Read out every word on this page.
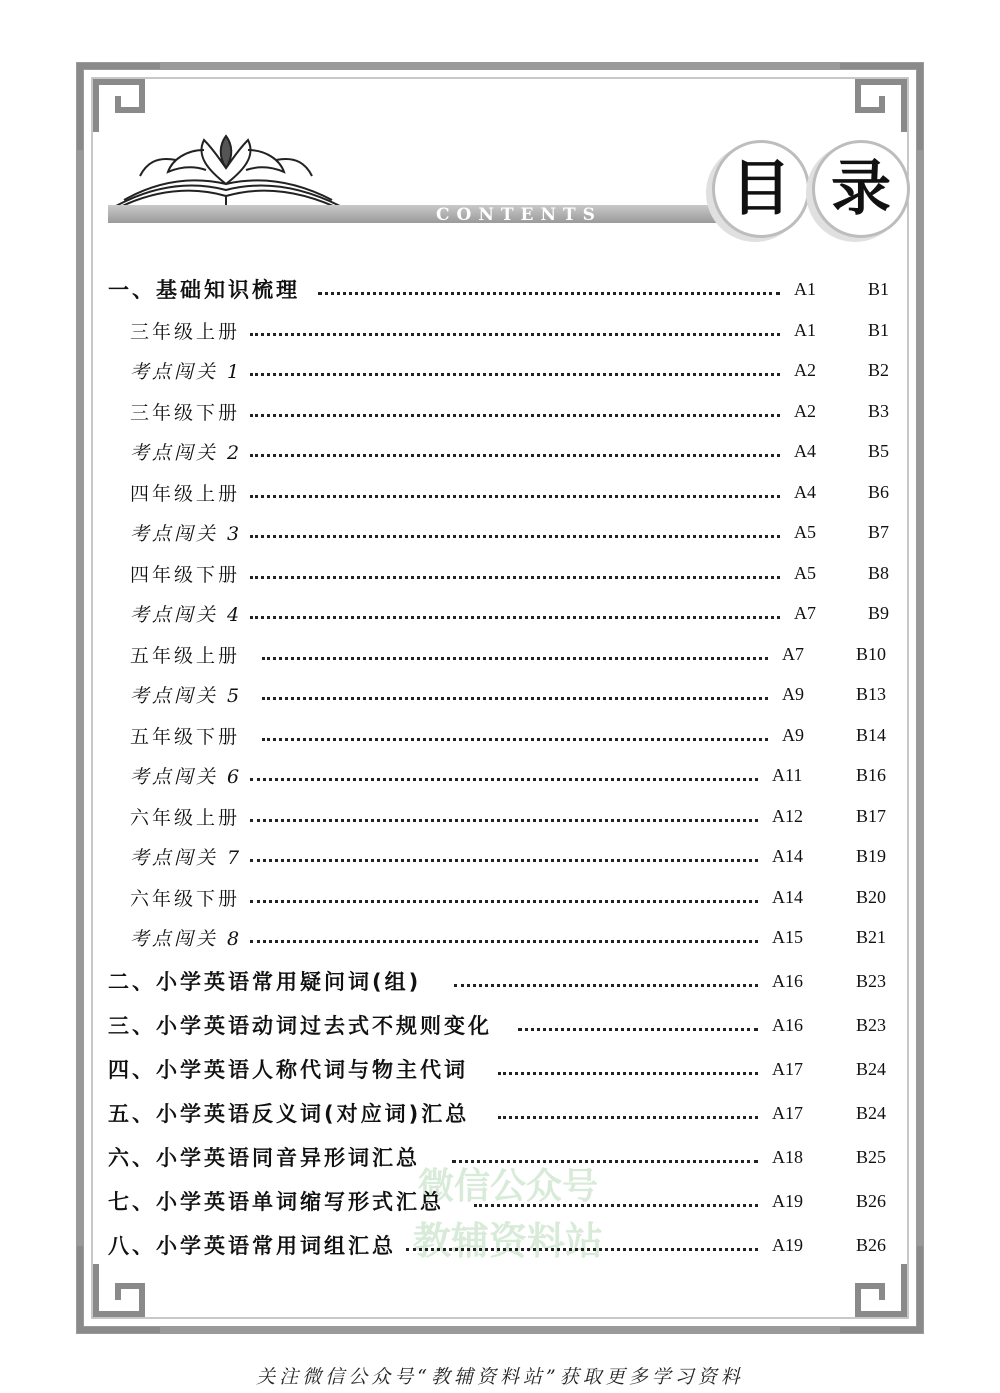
CONTENTS	目 录
微信公众号
教辅资料站
一、基础知识梳理	A1	B1
三年级上册	A1	B1
考点闯关 1	A2	B2
三年级下册	A2	B3
考点闯关 2	A4	B5
四年级上册	A4	B6
考点闯关 3	A5	B7
四年级下册	A5	B8
考点闯关 4	A7	B9
五年级上册	A7	B10
考点闯关 5	A9	B13
五年级下册	A9	B14
考点闯关 6	A11	B16
六年级上册	A12	B17
考点闯关 7	A14	B19
六年级下册	A14	B20
考点闯关 8	A15	B21
二、小学英语常用疑问词(组)	A16	B23
三、小学英语动词过去式不规则变化	A16	B23
四、小学英语人称代词与物主代词	A17	B24
五、小学英语反义词(对应词)汇总	A17	B24
六、小学英语同音异形词汇总	A18	B25
七、小学英语单词缩写形式汇总	A19	B26
八、小学英语常用词组汇总	A19	B26
关注微信公众号“教辅资料站”获取更多学习资料
